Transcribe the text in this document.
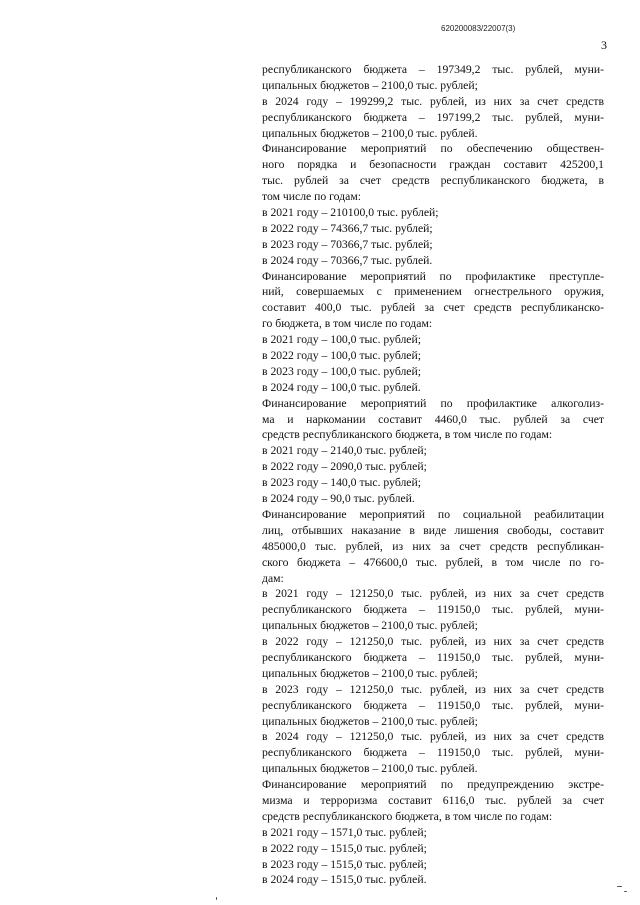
620200083/22007(3)
3
республиканского бюджета – 197349,2 тыс. рублей, муни-
ципальных бюджетов – 2100,0 тыс. рублей;
в 2024 году – 199299,2 тыс. рублей, из них за счет средств
республиканского бюджета – 197199,2 тыс. рублей, муни-
ципальных бюджетов – 2100,0 тыс. рублей.
Финансирование мероприятий по обеспечению обществен-
ного порядка и безопасности граждан составит 425200,1
тыс. рублей за счет средств республиканского бюджета, в
том числе по годам:
в 2021 году – 210100,0 тыс. рублей;
в 2022 году – 74366,7 тыс. рублей;
в 2023 году – 70366,7 тыс. рублей;
в 2024 году – 70366,7 тыс. рублей.
Финансирование мероприятий по профилактике преступле-
ний, совершаемых с применением огнестрельного оружия,
составит 400,0 тыс. рублей за счет средств республиканско-
го бюджета, в том числе по годам:
в 2021 году – 100,0 тыс. рублей;
в 2022 году – 100,0 тыс. рублей;
в 2023 году – 100,0 тыс. рублей;
в 2024 году – 100,0 тыс. рублей.
Финансирование мероприятий по профилактике алкоголиз-
ма и наркомании составит 4460,0 тыс. рублей за счет
средств республиканского бюджета, в том числе по годам:
в 2021 году – 2140,0 тыс. рублей;
в 2022 году – 2090,0 тыс. рублей;
в 2023 году – 140,0 тыс. рублей;
в 2024 году – 90,0 тыс. рублей.
Финансирование мероприятий по социальной реабилитации
лиц, отбывших наказание в виде лишения свободы, составит
485000,0 тыс. рублей, из них за счет средств республикан-
ского бюджета – 476600,0 тыс. рублей, в том числе по го-
дам:
в 2021 году – 121250,0 тыс. рублей, из них за счет средств
республиканского бюджета – 119150,0 тыс. рублей, муни-
ципальных бюджетов – 2100,0 тыс. рублей;
в 2022 году – 121250,0 тыс. рублей, из них за счет средств
республиканского бюджета – 119150,0 тыс. рублей, муни-
ципальных бюджетов – 2100,0 тыс. рублей;
в 2023 году – 121250,0 тыс. рублей, из них за счет средств
республиканского бюджета – 119150,0 тыс. рублей, муни-
ципальных бюджетов – 2100,0 тыс. рублей;
в 2024 году – 121250,0 тыс. рублей, из них за счет средств
республиканского бюджета – 119150,0 тыс. рублей, муни-
ципальных бюджетов – 2100,0 тыс. рублей.
Финансирование мероприятий по предупреждению экстре-
мизма и терроризма составит 6116,0 тыс. рублей за счет
средств республиканского бюджета, в том числе по годам:
в 2021 году – 1571,0 тыс. рублей;
в 2022 году – 1515,0 тыс. рублей;
в 2023 году – 1515,0 тыс. рублей;
в 2024 году – 1515,0 тыс. рублей.
